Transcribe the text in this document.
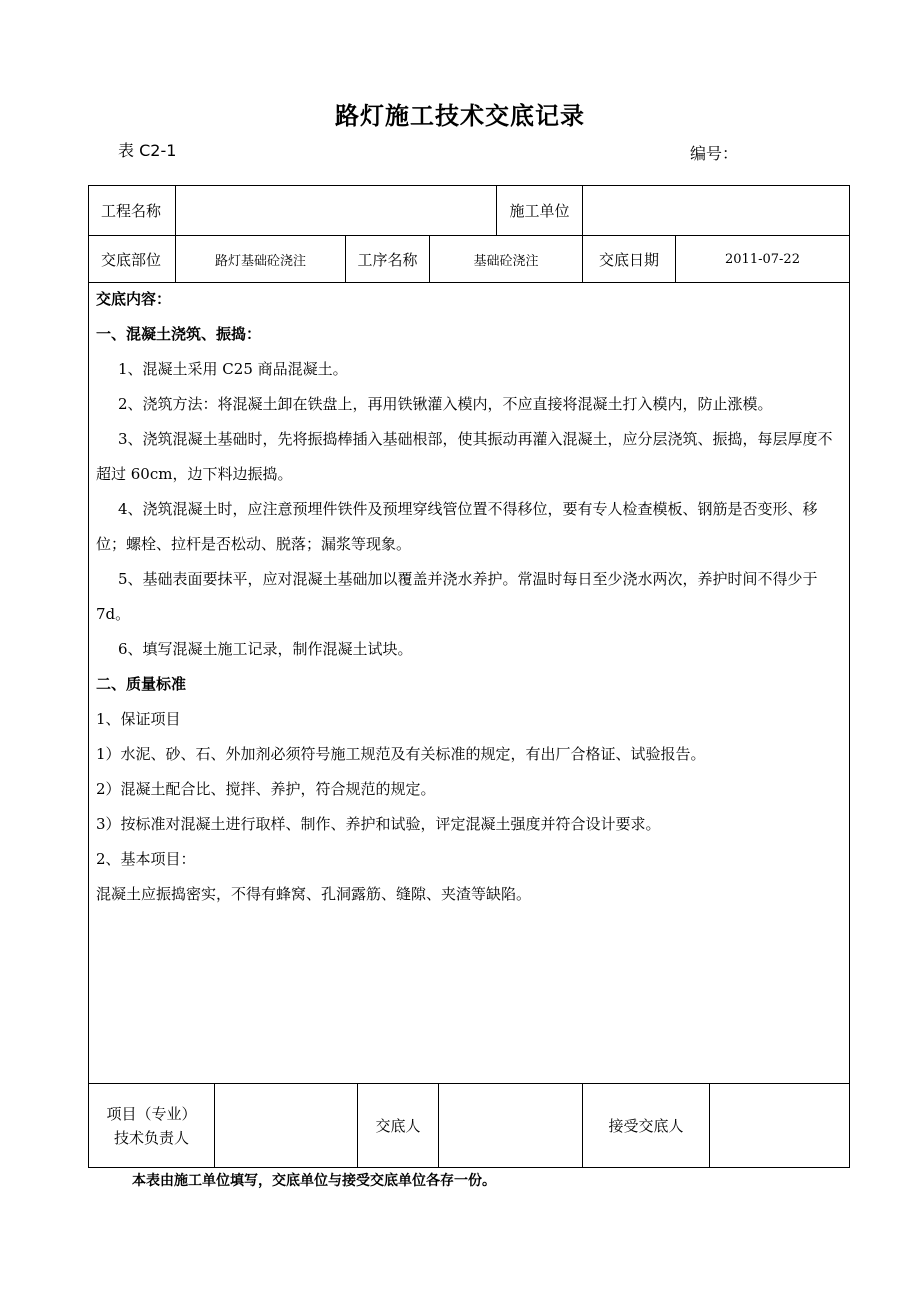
路灯施工技术交底记录
表 C2-1	编号：
工程名称	施工单位
交底部位	路灯基础砼浇注	工序名称	基础砼浇注	交底日期	2011-07-22
项目（专业）
技术负责人
交底人	接受交底人

交底内容：

一、混凝土浇筑、振捣：

1、混凝土采用 C25 商品混凝土。

2、浇筑方法：将混凝土卸在铁盘上，再用铁锹灌入模内，不应直接将混凝土打入模内，防止涨模。

3、浇筑混凝土基础时，先将振捣棒插入基础根部，使其振动再灌入混凝土，应分层浇筑、振捣，每层厚度不超过 60cm，边下料边振捣。

4、浇筑混凝土时，应注意预埋件铁件及预埋穿线管位置不得移位，要有专人检查模板、钢筋是否变形、移位；螺栓、拉杆是否松动、脱落；漏浆等现象。

5、基础表面要抹平，应对混凝土基础加以覆盖并浇水养护。常温时每日至少浇水两次，养护时间不得少于 7d。

6、填写混凝土施工记录，制作混凝土试块。

二、质量标准

1、保证项目

1）水泥、砂、石、外加剂必须符号施工规范及有关标准的规定，有出厂合格证、试验报告。

2）混凝土配合比、搅拌、养护，符合规范的规定。

3）按标准对混凝土进行取样、制作、养护和试验，评定混凝土强度并符合设计要求。

2、基本项目：

混凝土应振捣密实，不得有蜂窝、孔洞露筋、缝隙、夹渣等缺陷。

本表由施工单位填写，交底单位与接受交底单位各存一份。
